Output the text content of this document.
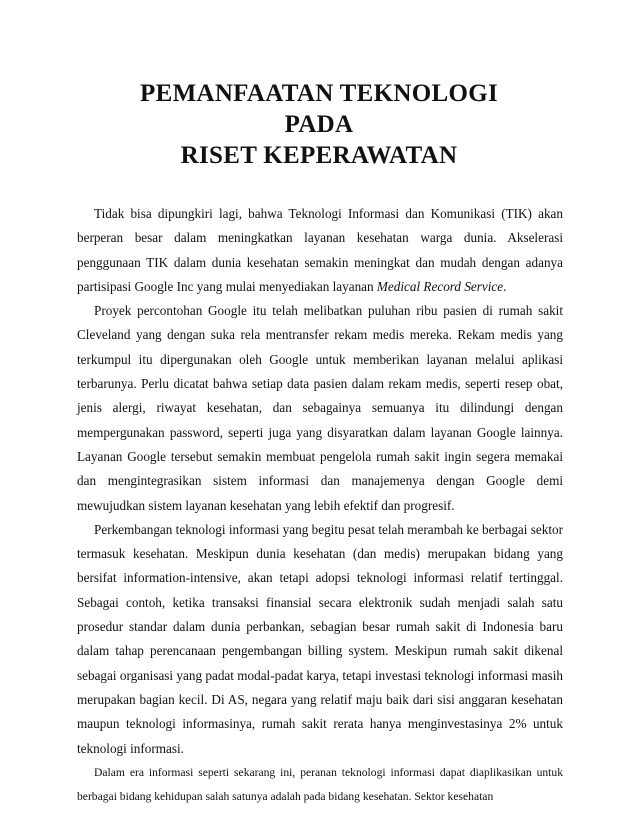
PEMANFAATAN TEKNOLOGI
PADA
RISET KEPERAWATAN

Tidak bisa dipungkiri lagi, bahwa Teknologi Informasi dan Komunikasi (TIK) akan berperan besar dalam meningkatkan layanan kesehatan warga dunia. Akselerasi penggunaan TIK dalam dunia kesehatan semakin meningkat dan mudah dengan adanya partisipasi Google Inc yang mulai menyediakan layanan Medical Record Service.

Proyek percontohan Google itu telah melibatkan puluhan ribu pasien di rumah sakit Cleveland yang dengan suka rela mentransfer rekam medis mereka. Rekam medis yang terkumpul itu dipergunakan oleh Google untuk memberikan layanan melalui aplikasi terbarunya. Perlu dicatat bahwa setiap data pasien dalam rekam medis, seperti resep obat, jenis alergi, riwayat kesehatan, dan sebagainya semuanya itu dilindungi dengan mempergunakan password, seperti juga yang disyaratkan dalam layanan Google lainnya. Layanan Google tersebut semakin membuat pengelola rumah sakit ingin segera memakai dan mengintegrasikan sistem informasi dan manajemenya dengan Google demi mewujudkan sistem layanan kesehatan yang lebih efektif dan progresif.

Perkembangan teknologi informasi yang begitu pesat telah merambah ke berbagai sektor termasuk kesehatan. Meskipun dunia kesehatan (dan medis) merupakan bidang yang bersifat information-intensive, akan tetapi adopsi teknologi informasi relatif tertinggal. Sebagai contoh, ketika transaksi finansial secara elektronik sudah menjadi salah satu prosedur standar dalam dunia perbankan, sebagian besar rumah sakit di Indonesia baru dalam tahap perencanaan pengembangan billing system. Meskipun rumah sakit dikenal sebagai organisasi yang padat modal-padat karya, tetapi investasi teknologi informasi masih merupakan bagian kecil. Di AS, negara yang relatif maju baik dari sisi anggaran kesehatan maupun teknologi informasinya, rumah sakit rerata hanya menginvestasinya 2% untuk teknologi informasi.

Dalam era informasi seperti sekarang ini, peranan teknologi informasi dapat diaplikasikan untuk berbagai bidang kehidupan salah satunya adalah pada bidang kesehatan. Sektor kesehatan
